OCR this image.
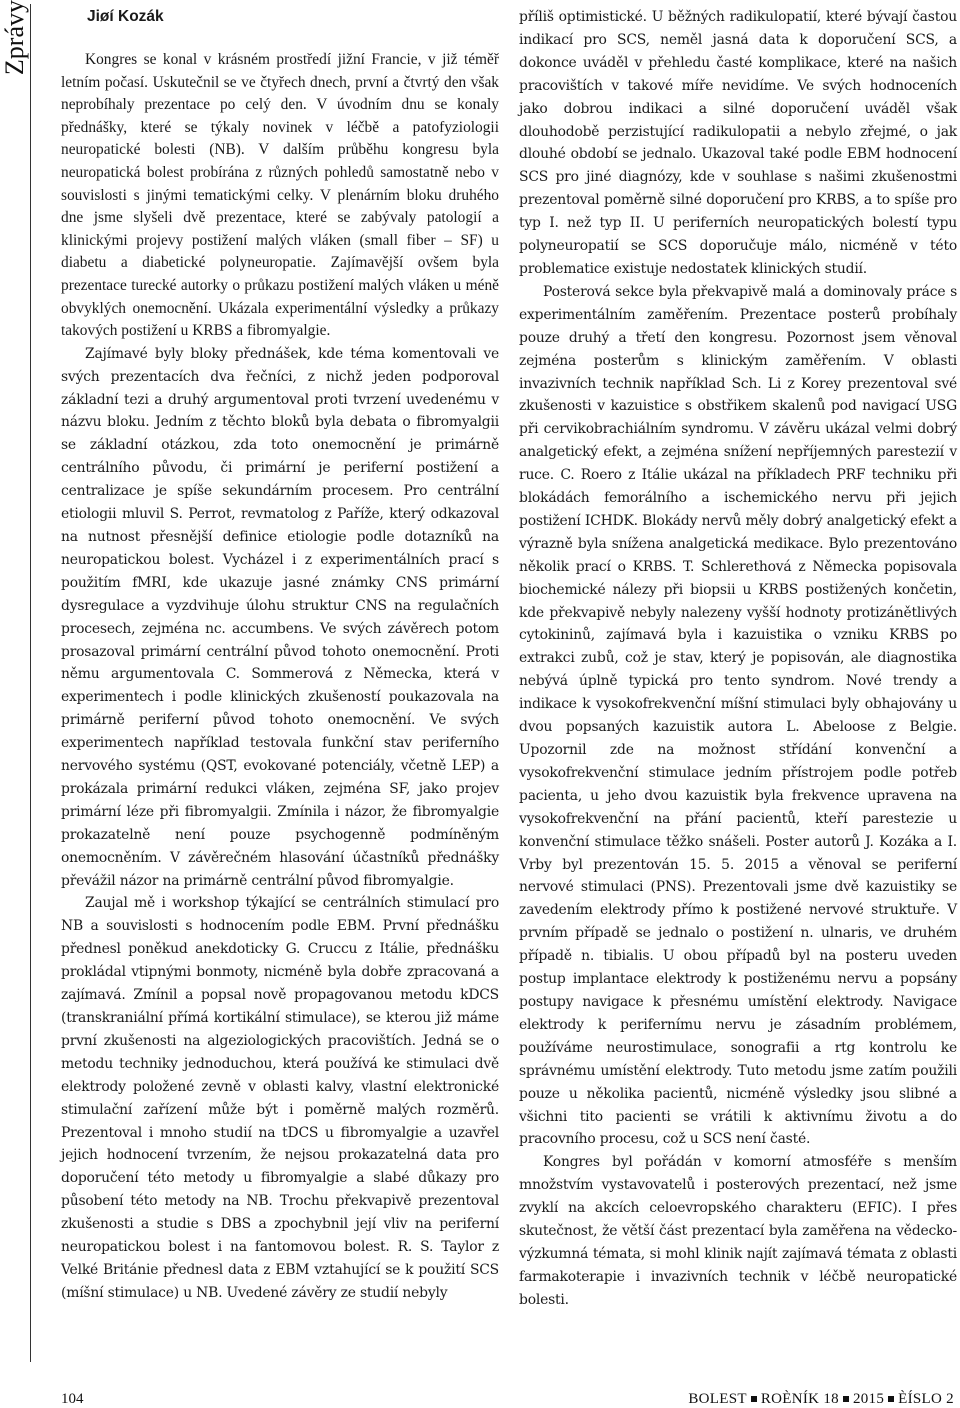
Zprávy	Jiøí Kozák

Kongres se konal v krásném prostředí jižní Francie, v již téměř letním počasí. Uskutečnil se ve čtyřech dnech, první a čtvrtý den však neprobíhaly prezentace po celý den. V úvodním dnu se konaly přednášky, které se týkaly novinek v léčbě a patofyziologii neuropatické bolesti (NB). V dalším průběhu kongresu byla neuropatická bolest probírána z různých pohledů samostatně nebo v souvislosti s jinými tematickými celky. V plenárním bloku druhého dne jsme slyšeli dvě prezentace, které se zabývaly patologií a klinickými projevy postižení malých vláken (small fiber – SF) u diabetu a diabetické polyneuropatie. Zajímavější ovšem byla prezentace turecké autorky o průkazu postižení malých vláken u méně obvyklých onemocnění. Ukázala experimentální výsledky a průkazy takových postižení u KRBS a fibromyalgie.

Zajímavé byly bloky přednášek, kde téma komentovali ve svých prezentacích dva řečníci, z nichž jeden podporoval základní tezi a druhý argumentoval proti tvrzení uvedenému v názvu bloku. Jedním z těchto bloků byla debata o fibromyalgii se základní otázkou, zda toto onemocnění je primárně centrálního původu, či primární je periferní postižení a centralizace je spíše sekundárním procesem. Pro centrální etiologii mluvil S. Perrot, revmatolog z Paříže, který odkazoval na nutnost přesnější definice etiologie podle dotazníků na neuropatickou bolest. Vycházel i z experimentálních prací s použitím fMRI, kde ukazuje jasné známky CNS primární dysregulace a vyzdvihuje úlohu struktur CNS na regulačních procesech, zejména nc. accumbens. Ve svých závěrech potom prosazoval primární centrální původ tohoto onemocnění. Proti němu argumentovala C. Sommerová z Německa, která v experimentech i podle klinických zkušeností poukazovala na primárně periferní původ tohoto onemocnění. Ve svých experimentech například testovala funkční stav periferního nervového systému (QST, evokované potenciály, včetně LEP) a prokázala primární redukci vláken, zejména SF, jako projev primární léze při fibromyalgii. Zmínila i názor, že fibromyalgie prokazatelně není pouze psychogenně podmíněným onemocněním. V závěrečném hlasování účastníků přednášky převážil názor na primárně centrální původ fibromyalgie.

Zaujal mě i workshop týkající se centrálních stimulací pro NB a souvislosti s hodnocením podle EBM. První přednášku přednesl poněkud anekdoticky G. Cruccu z Itálie, přednášku prokládal vtipnými bonmoty, nicméně byla dobře zpracovaná a zajímavá. Zmínil a popsal nově propagovanou metodu kDCS (transkraniální přímá kortikální stimulace), se kterou již máme první zkušenosti na algeziologických pracovištích. Jedná se o metodu techniky jednoduchou, která používá ke stimulaci dvě elektrody položené zevně v oblasti kalvy, vlastní elektronické stimulační zařízení může být i poměrně malých rozměrů. Prezentoval i mnoho studií na tDCS u fibromyalgie a uzavřel jejich hodnocení tvrzením, že nejsou prokazatelná data pro doporučení této metody u fibromyalgie a slabé důkazy pro působení této metody na NB. Trochu překvapivě prezentoval zkušenosti a studie s DBS a zpochybnil její vliv na periferní neuropatickou bolest i na fantomovou bolest. R. S. Taylor z Velké Británie přednesl data z EBM vztahující se k použití SCS (míšní stimulace) u NB. Uvedené závěry ze studií nebyly

příliš optimistické. U běžných radikulopatií, které bývají častou indikací pro SCS, neměl jasná data k doporučení SCS, a dokonce uváděl v přehledu časté komplikace, které na našich pracovištích v takové míře nevidíme. Ve svých hodnoceních jako dobrou indikaci a silné doporučení uváděl však dlouhodobě perzistující radikulopatii a nebylo zřejmé, o jak dlouhé období se jednalo. Ukazoval také podle EBM hodnocení SCS pro jiné diagnózy, kde v souhlase s našimi zkušenostmi prezentoval poměrně silné doporučení pro KRBS, a to spíše pro typ I. než typ II. U periferních neuropatických bolestí typu polyneuropatií se SCS doporučuje málo, nicméně v této problematice existuje nedostatek klinických studií.

Posterová sekce byla překvapivě malá a dominovaly práce s experimentálním zaměřením. Prezentace posterů probíhaly pouze druhý a třetí den kongresu. Pozornost jsem věnoval zejména posterům s klinickým zaměřením. V oblasti invazivních technik například Sch. Li z Korey prezentoval své zkušenosti v kazuistice s obstřikem skalenů pod navigací USG při cervikobrachiálním syndromu. V závěru ukázal velmi dobrý analgetický efekt, a zejména snížení nepříjemných parestezií v ruce. C. Roero z Itálie ukázal na příkladech PRF techniku při blokádách femorálního a ischemického nervu při jejich postižení ICHDK. Blokády nervů měly dobrý analgetický efekt a výrazně byla snížena analgetická medikace. Bylo prezentováno několik prací o KRBS. T. Schlerethová z Německa popisovala biochemické nálezy při biopsii u KRBS postižených končetin, kde překvapivě nebyly nalezeny vyšší hodnoty protizánětlivých cytokininů, zajímavá byla i kazuistika o vzniku KRBS po extrakci zubů, což je stav, který je popisován, ale diagnostika nebývá úplně typická pro tento syndrom. Nové trendy a indikace k vysokofrekvenční míšní stimulaci byly obhajovány u dvou popsaných kazuistik autora L. Abeloose z Belgie. Upozornil zde na možnost střídání konvenční a vysokofrekvenční stimulace jedním přístrojem podle potřeb pacienta, u jeho dvou kazuistik byla frekvence upravena na vysokofrekvenční na přání pacientů, kteří parestezie u konvenční stimulace těžko snášeli. Poster autorů J. Kozáka a I. Vrby byl prezentován 15. 5. 2015 a věnoval se periferní nervové stimulaci (PNS). Prezentovali jsme dvě kazuistiky se zavedením elektrody přímo k postižené nervové struktuře. V prvním případě se jednalo o postižení n. ulnaris, ve druhém případě n. tibialis. U obou případů byl na posteru uveden postup implantace elektrody k postiženému nervu a popsány postupy navigace k přesnému umístění elektrody. Navigace elektrody k perifernímu nervu je zásadním problémem, používáme neurostimulace, sonografii a rtg kontrolu ke správnému umístění elektrody. Tuto metodu jsme zatím použili pouze u několika pacientů, nicméně výsledky jsou slibné a všichni tito pacienti se vrátili k aktivnímu životu a do pracovního procesu, což u SCS není časté.

Kongres byl pořádán v komorní atmosféře s menším množstvím vystavovatelů i posterových prezentací, než jsme zvyklí na akcích celoevropského charakteru (EFIC). I přes skutečnost, že větší část prezentací byla zaměřena na vědecko-výzkumná témata, si mohl klinik najít zajímavá témata z oblasti farmakoterapie i invazivních technik v léčbě neuropatické bolesti.

104	BOLEST ROÈNÍK 18 2015 ÈÍSLO 2
